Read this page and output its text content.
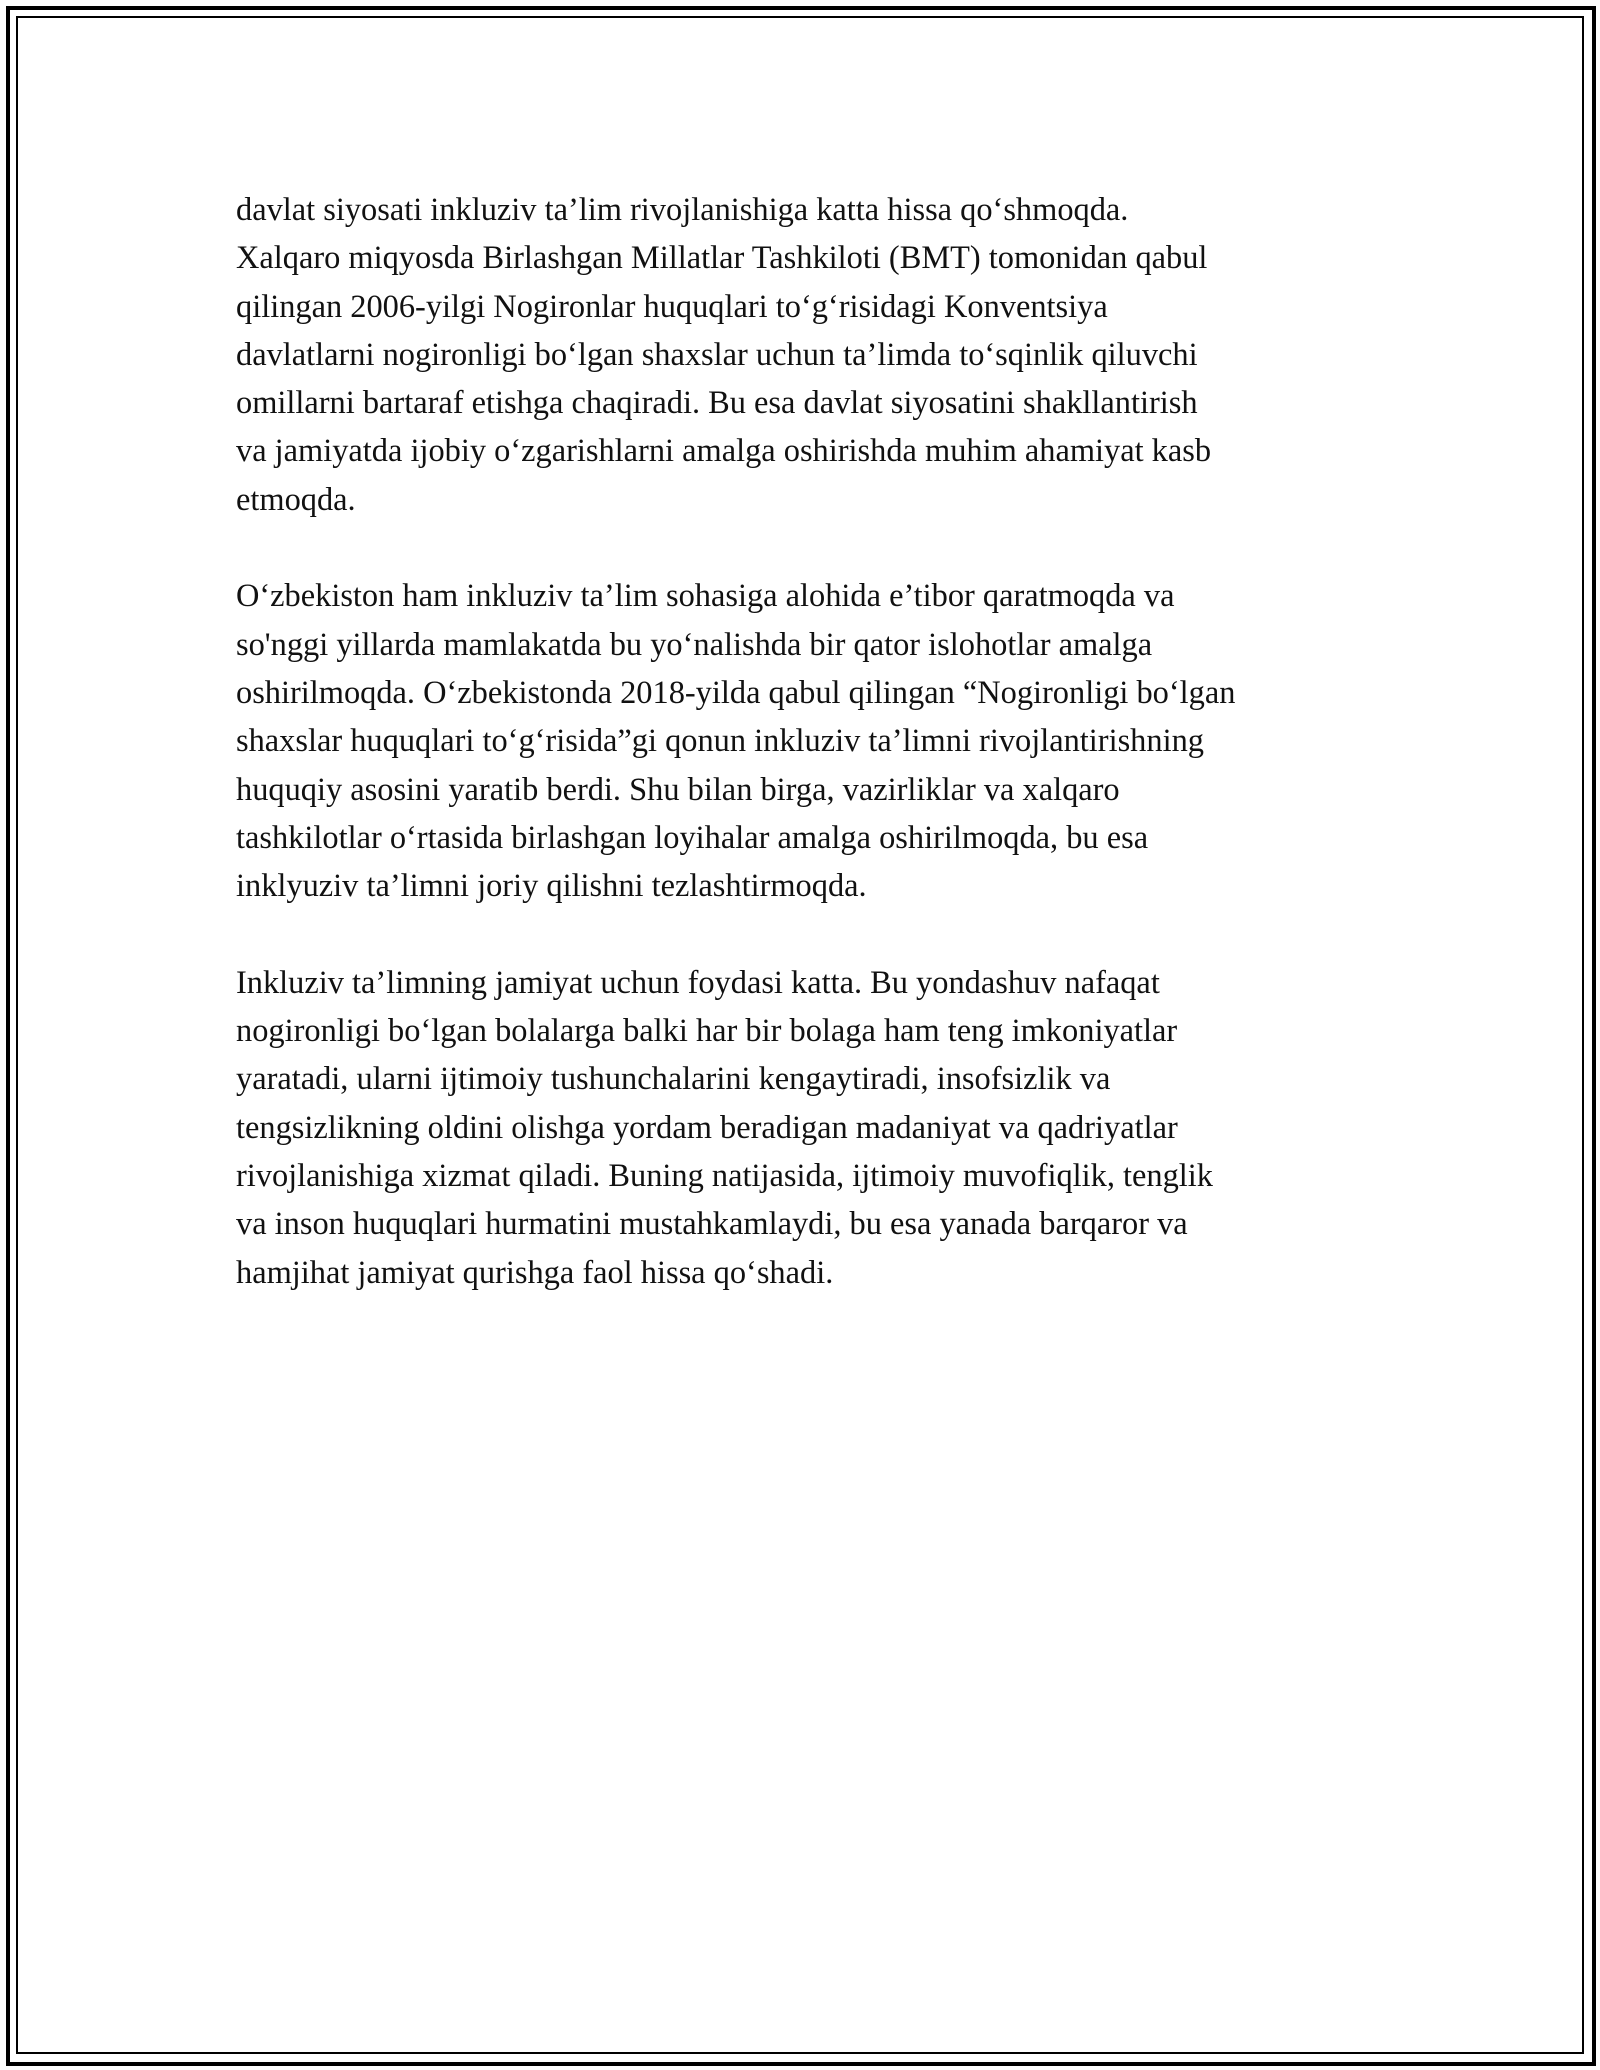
davlat siyosati inkluziv ta’lim rivojlanishiga katta hissa qo‘shmoqda.
Xalqaro miqyosda Birlashgan Millatlar Tashkiloti (BMT) tomonidan qabul
qilingan 2006-yilgi Nogironlar huquqlari to‘g‘risidagi Konventsiya
davlatlarni nogironligi bo‘lgan shaxslar uchun ta’limda to‘sqinlik qiluvchi
omillarni bartaraf etishga chaqiradi. Bu esa davlat siyosatini shakllantirish
va jamiyatda ijobiy o‘zgarishlarni amalga oshirishda muhim ahamiyat kasb
etmoqda.

O‘zbekiston ham inkluziv ta’lim sohasiga alohida e’tibor qaratmoqda va
so'nggi yillarda mamlakatda bu yo‘nalishda bir qator islohotlar amalga
oshirilmoqda. O‘zbekistonda 2018-yilda qabul qilingan “Nogironligi bo‘lgan
shaxslar huquqlari to‘g‘risida”gi qonun inkluziv ta’limni rivojlantirishning
huquqiy asosini yaratib berdi. Shu bilan birga, vazirliklar va xalqaro
tashkilotlar o‘rtasida birlashgan loyihalar amalga oshirilmoqda, bu esa
inklyuziv ta’limni joriy qilishni tezlashtirmoqda.

Inkluziv ta’limning jamiyat uchun foydasi katta. Bu yondashuv nafaqat
nogironligi bo‘lgan bolalarga balki har bir bolaga ham teng imkoniyatlar
yaratadi, ularni ijtimoiy tushunchalarini kengaytiradi, insofsizlik va
tengsizlikning oldini olishga yordam beradigan madaniyat va qadriyatlar
rivojlanishiga xizmat qiladi. Buning natijasida, ijtimoiy muvofiqlik, tenglik
va inson huquqlari hurmatini mustahkamlaydi, bu esa yanada barqaror va
hamjihat jamiyat qurishga faol hissa qo‘shadi.
